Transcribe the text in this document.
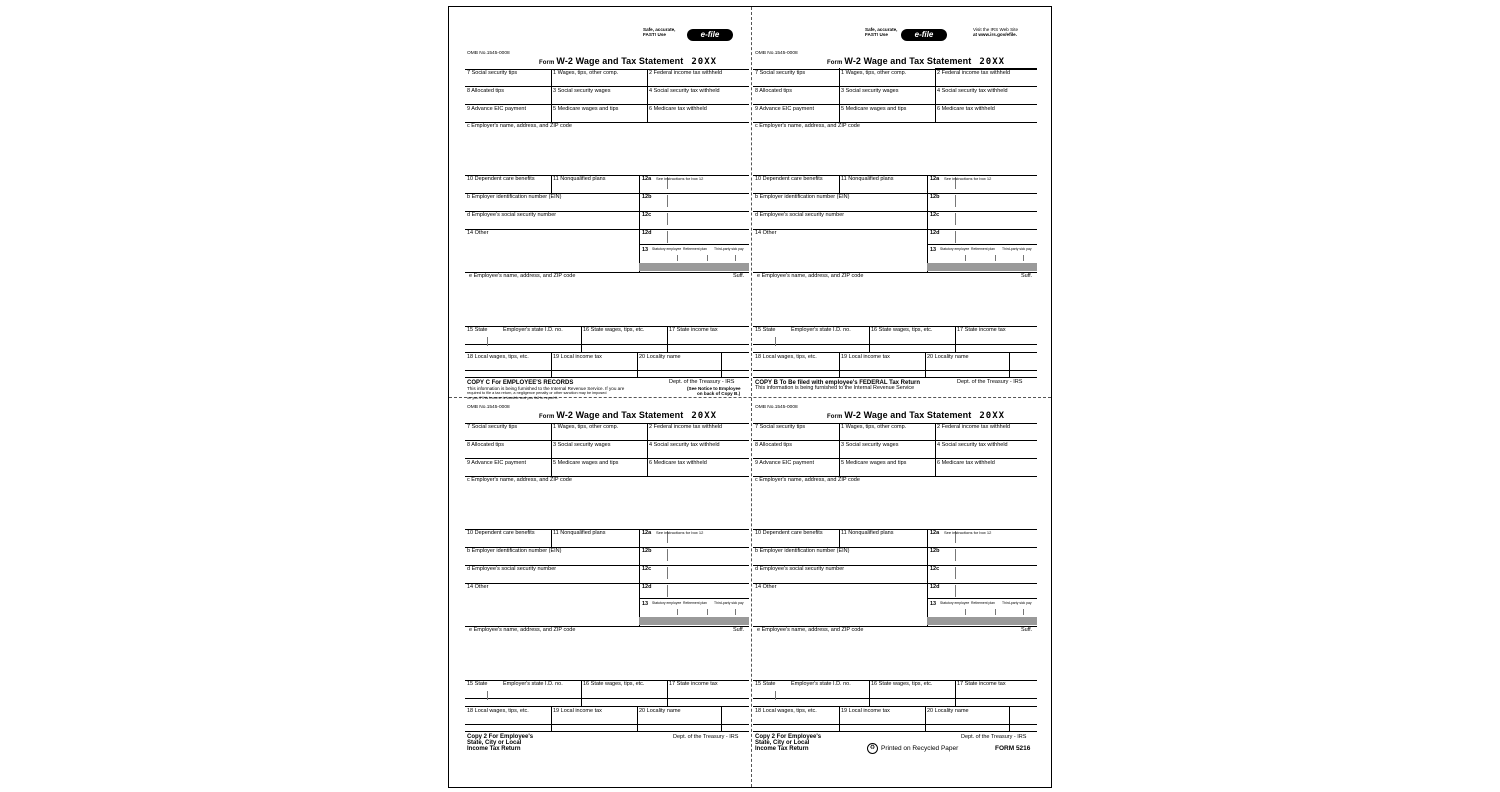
OMB No.1545-0008
Form W-2 Wage and Tax Statement 20XX
7 Social security tips	1 Wages, tips, other comp.	2 Federal income tax withheld
8 Allocated tips	3 Social security wages	4 Social security tax withheld
9 Advance EIC payment	5 Medicare wages and tips	6 Medicare tax withheld
c Employer's name, address, and ZIP code
10 Dependent care benefits	11 Nonqualified plans	12a See instructions for box 12
b Employer identification number (EIN)	12b
d Employee's social security number	12c
14 Other	12d
13 Statutory employee Retirement plan Third-party sick pay
e Employee's name, address, and ZIP code	Suff.
15 State	Employer's state I.D. no.	16 State wages, tips, etc.	17 State income tax
18 Local wages, tips, etc.	19 Local income tax	20 Locality name
Safe, accurate,
FAST! Use	e-file
COPY C For EMPLOYEE'S RECORDS
This information is being furnished to the Internal Revenue Service. If you are
required to file a tax return, a negligence penalty or other sanction may be imposed
on you if this income is taxable and you fail to report it.
Dept. of the Treasury - IRS
(See Notice to Employee
on back of Copy B.)
OMB No.1545-0008
Form W-2 Wage and Tax Statement 20XX
7 Social security tips	1 Wages, tips, other comp.	2 Federal income tax withheld
8 Allocated tips	3 Social security wages	4 Social security tax withheld
9 Advance EIC payment	5 Medicare wages and tips	6 Medicare tax withheld
c Employer's name, address, and ZIP code
10 Dependent care benefits	11 Nonqualified plans	12a See instructions for box 12
b Employer identification number (EIN)	12b
d Employee's social security number	12c
14 Other	12d
13 Statutory employee Retirement plan Third-party sick pay
e Employee's name, address, and ZIP code	Suff.
15 State	Employer's state I.D. no.	16 State wages, tips, etc.	17 State income tax
18 Local wages, tips, etc.	19 Local income tax	20 Locality name
Safe, accurate,
FAST! Use	e-file
Visit the IRS Web Site
at www.irs.gov/efile.
COPY B To Be filed with employee's FEDERAL Tax Return
This information is being furnished to the Internal Revenue Service
Dept. of the Treasury - IRS
OMB No.1545-0008
Form W-2 Wage and Tax Statement 20XX
7 Social security tips	1 Wages, tips, other comp.	2 Federal income tax withheld
8 Allocated tips	3 Social security wages	4 Social security tax withheld
9 Advance EIC payment	5 Medicare wages and tips	6 Medicare tax withheld
c Employer's name, address, and ZIP code
10 Dependent care benefits	11 Nonqualified plans	12a See instructions for box 12
b Employer identification number (EIN)	12b
d Employee's social security number	12c
14 Other	12d
13 Statutory employee Retirement plan Third-party sick pay
e Employee's name, address, and ZIP code	Suff.
15 State	Employer's state I.D. no.	16 State wages, tips, etc.	17 State income tax
18 Local wages, tips, etc.	19 Local income tax	20 Locality name
Copy 2 For Employee's
State, City or Local
Income Tax Return
Dept. of the Treasury - IRS
OMB No.1545-0008
Form W-2 Wage and Tax Statement 20XX
7 Social security tips	1 Wages, tips, other comp.	2 Federal income tax withheld
8 Allocated tips	3 Social security wages	4 Social security tax withheld
9 Advance EIC payment	5 Medicare wages and tips	6 Medicare tax withheld
c Employer's name, address, and ZIP code
10 Dependent care benefits	11 Nonqualified plans	12a See instructions for box 12
b Employer identification number (EIN)	12b
d Employee's social security number	12c
14 Other	12d
13 Statutory employee Retirement plan Third-party sick pay
e Employee's name, address, and ZIP code	Suff.
15 State	Employer's state I.D. no.	16 State wages, tips, etc.	17 State income tax
18 Local wages, tips, etc.	19 Local income tax	20 Locality name
Copy 2 For Employee's
State, City or Local
Income Tax Return
Dept. of the Treasury - IRS
♻ Printed on Recycled Paper	FORM 5216
